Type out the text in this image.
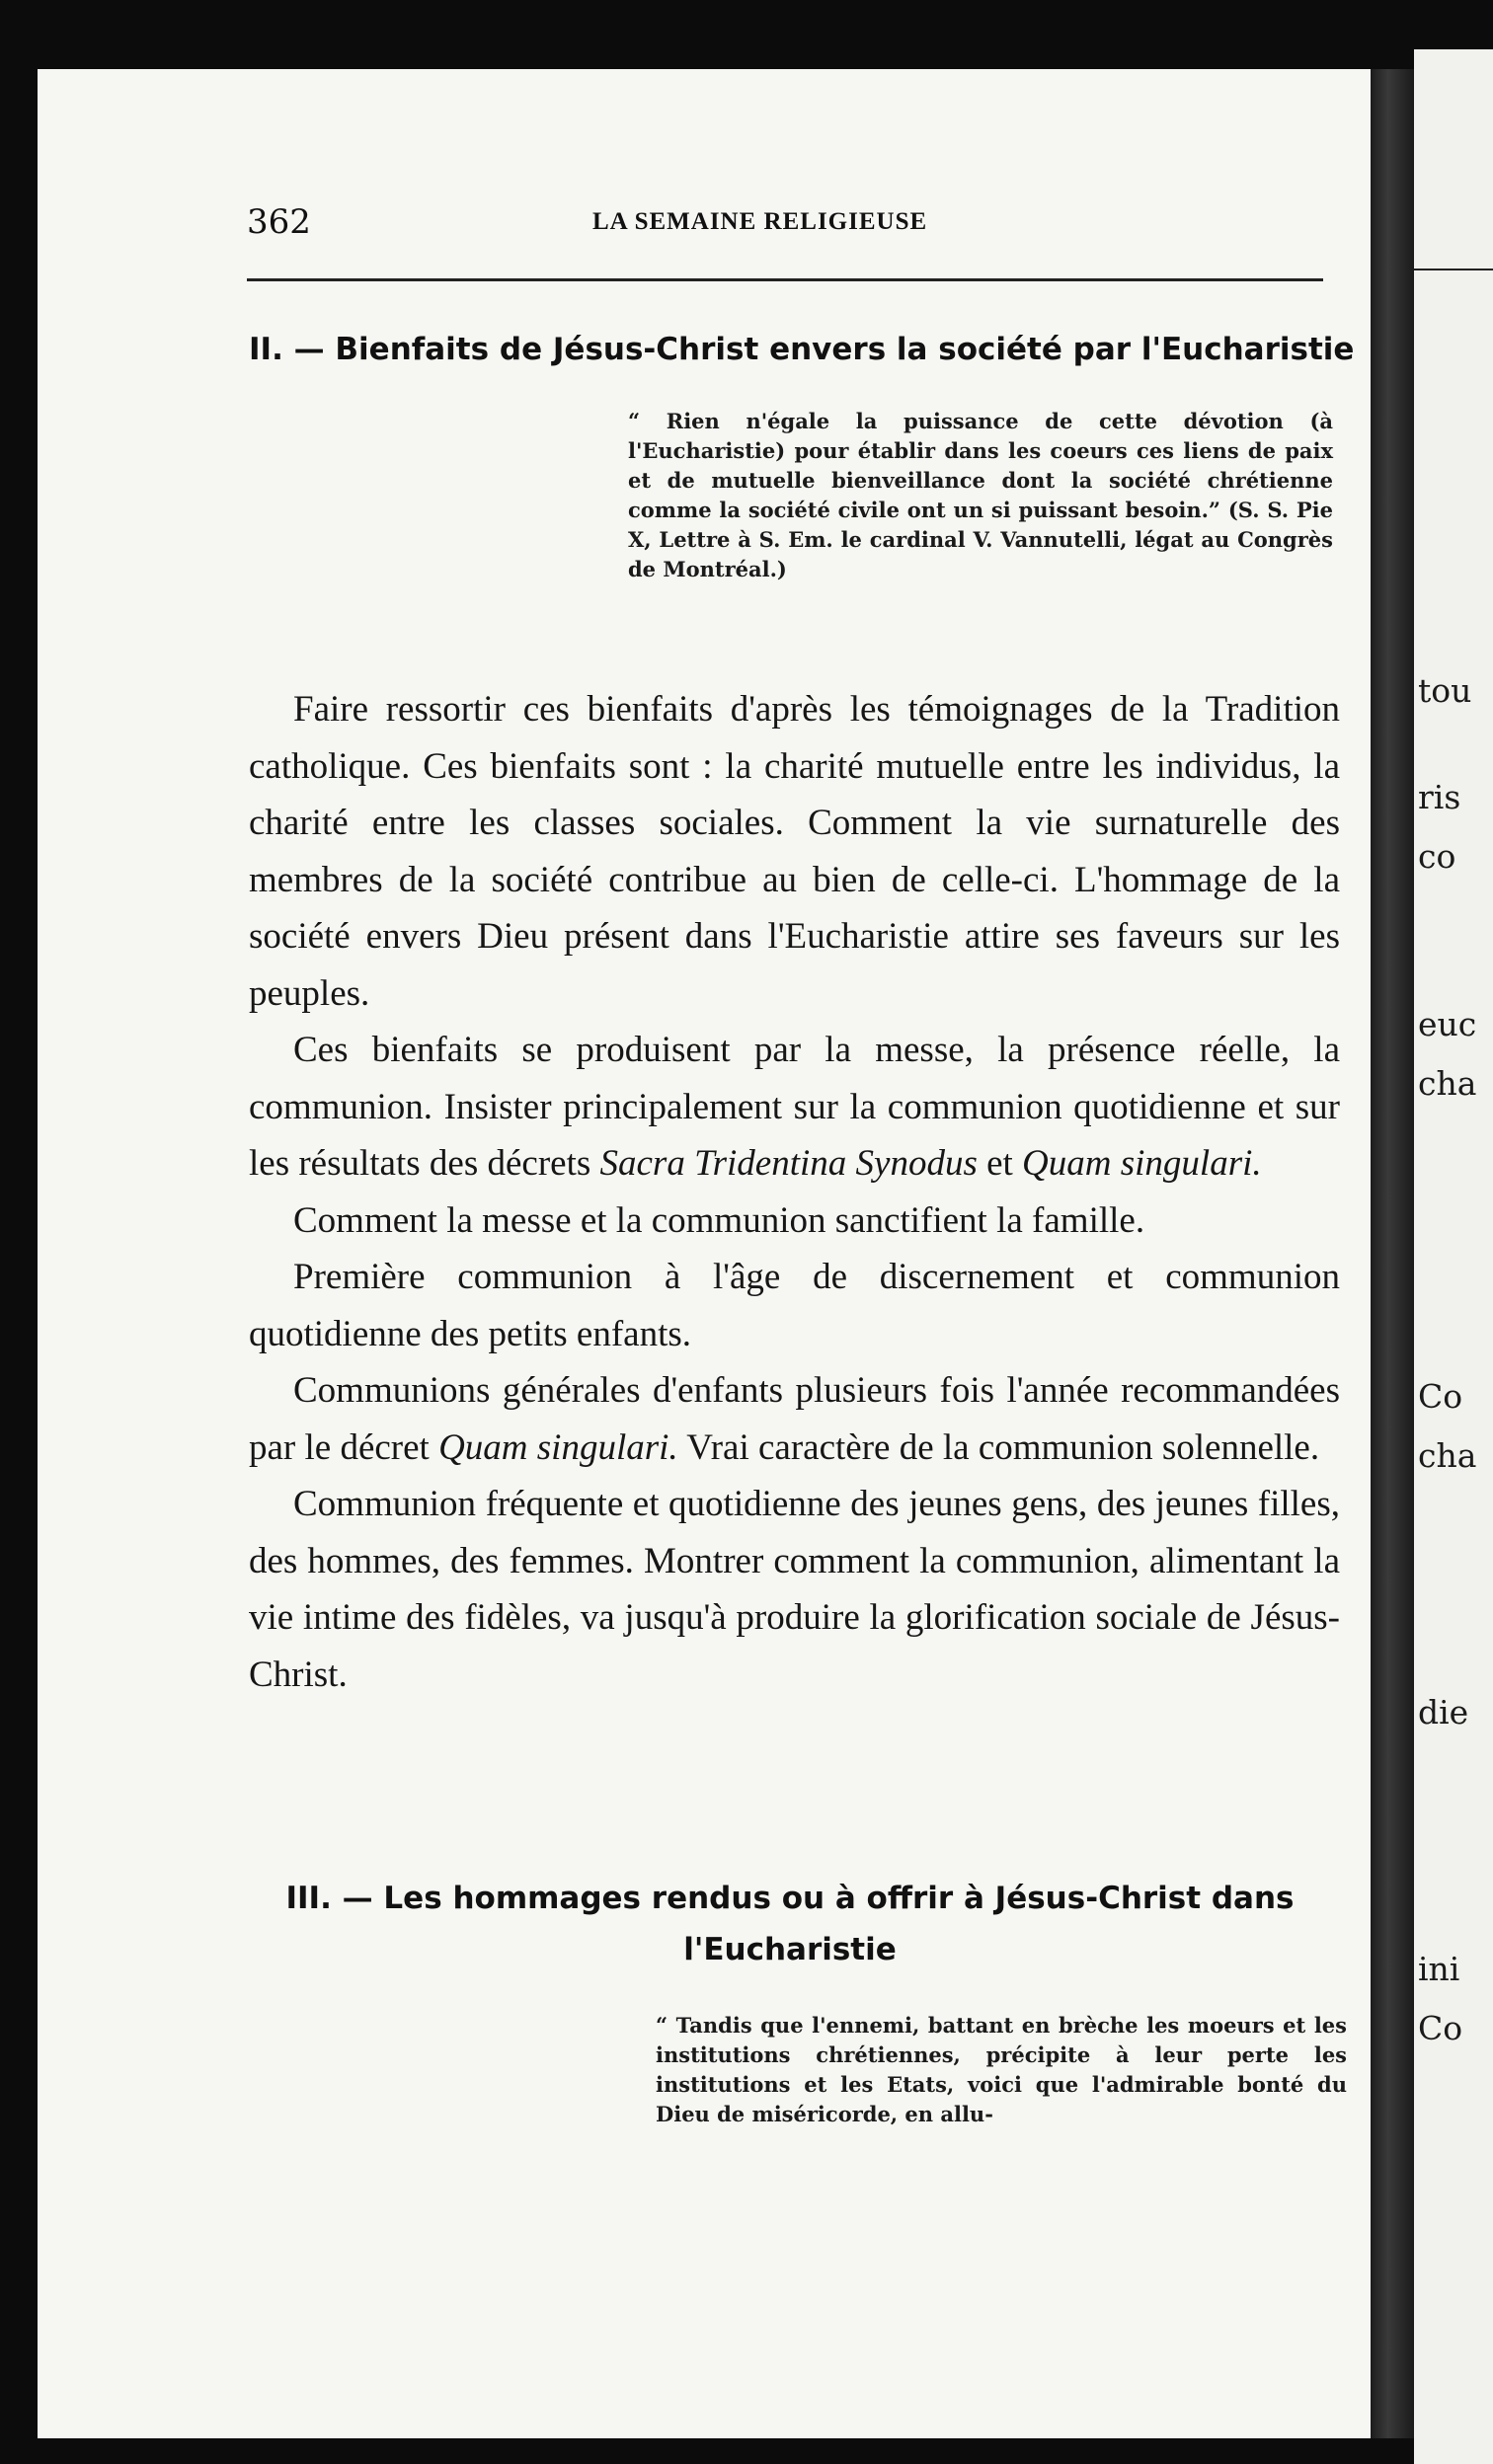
tou
ris
co
euc
cha
Co
cha
die
ini
Co
362	LA SEMAINE RELIGIEUSE
II. — Bienfaits de Jésus-Christ envers la société par l'Eucharistie
“ Rien n'égale la puissance de cette dévotion (à l'Eucharistie) pour établir dans les coeurs ces liens de paix et de mutuelle bienveillance dont la société chrétienne comme la société civile ont un si puissant besoin.” (S. S. Pie X, Lettre à S. Em. le cardinal V. Vannutelli, légat au Congrès de Montréal.)

Faire ressortir ces bienfaits d'après les témoignages de la Tradition catholique. Ces bienfaits sont : la charité mutuelle entre les individus, la charité entre les classes sociales. Comment la vie surnaturelle des membres de la société contribue au bien de celle-ci. L'hommage de la société envers Dieu présent dans l'Eucharistie attire ses faveurs sur les peuples.

Ces bienfaits se produisent par la messe, la présence réelle, la communion. Insister principalement sur la communion quotidienne et sur les résultats des décrets Sacra Tridentina Synodus et Quam singulari.

Comment la messe et la communion sanctifient la famille.

Première communion à l'âge de discernement et communion quotidienne des petits enfants.

Communions générales d'enfants plusieurs fois l'année recommandées par le décret Quam singulari. Vrai caractère de la communion solennelle.

Communion fréquente et quotidienne des jeunes gens, des jeunes filles, des hommes, des femmes. Montrer comment la communion, alimentant la vie intime des fidèles, va jusqu'à produire la glorification sociale de Jésus-Christ.

III. — Les hommages rendus ou à offrir à Jésus-Christ dans l'Eucharistie
“ Tandis que l'ennemi, battant en brèche les moeurs et les institutions chrétiennes, précipite à leur perte les institutions et les Etats, voici que l'admirable bonté du Dieu de miséricorde, en allu-
